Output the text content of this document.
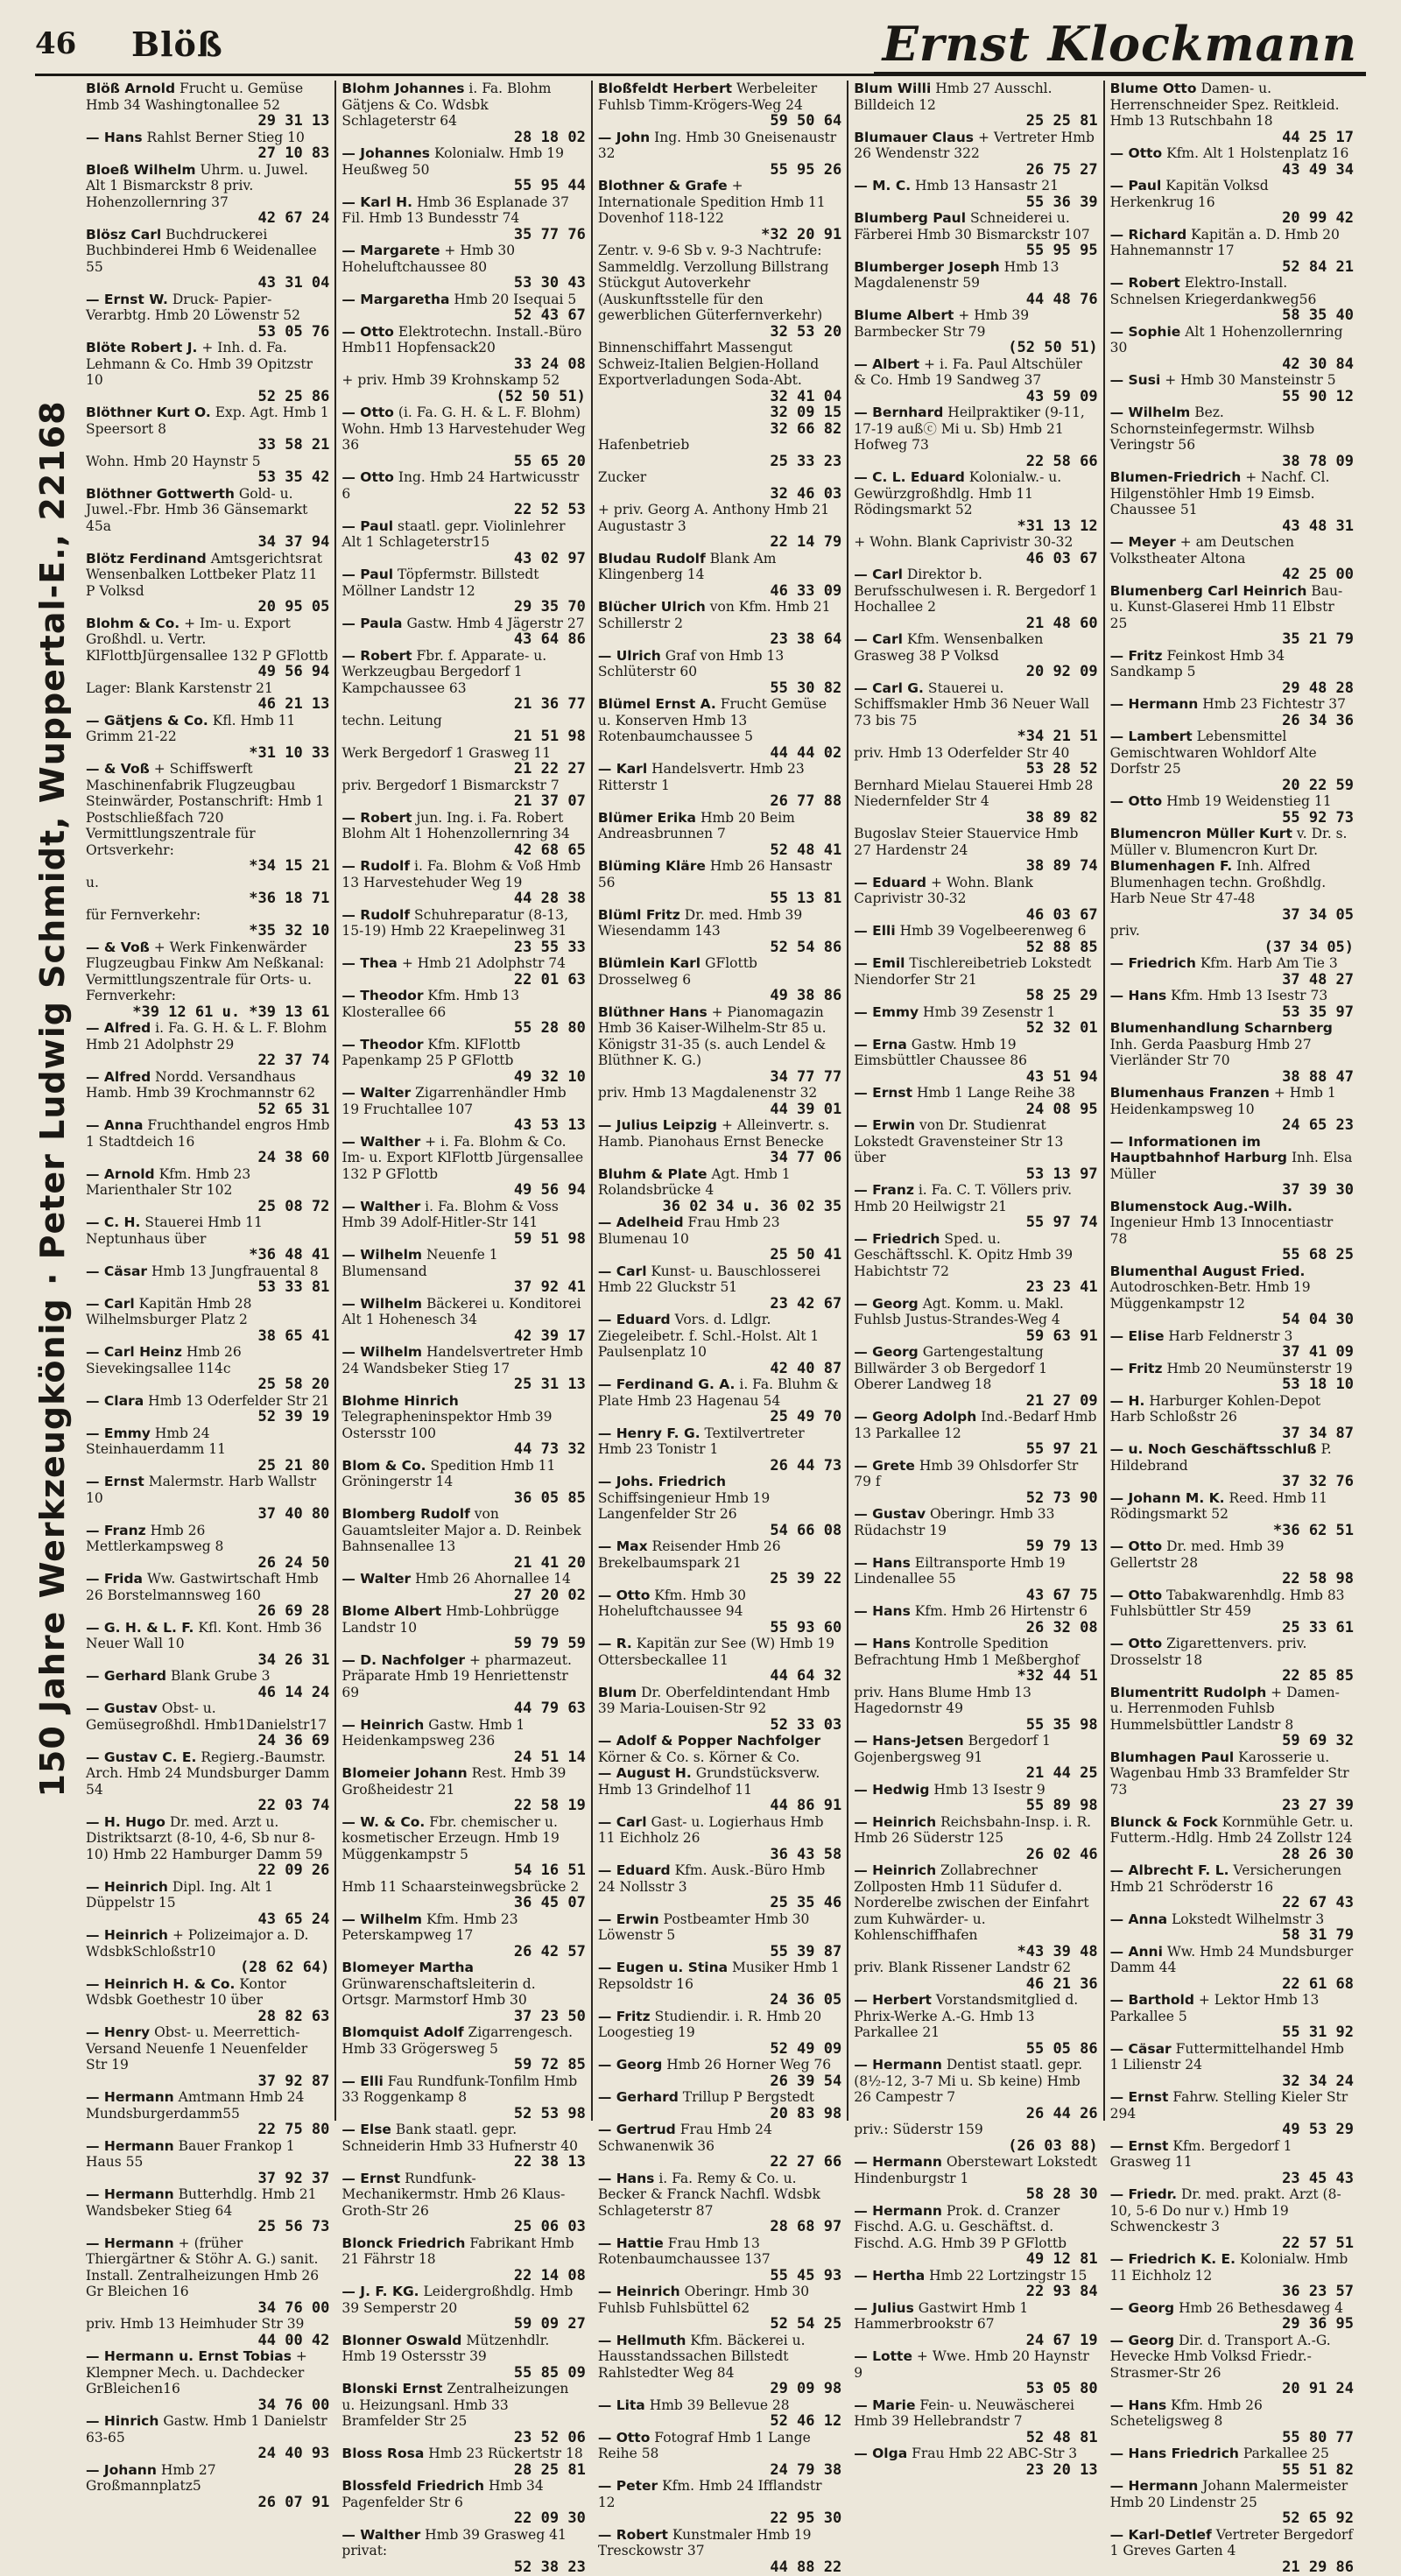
46 Blöß	Ernst Klockmann
150 Jahre Werkzeugkönig · Peter Ludwig Schmidt, Wuppertal-E., 22168

Blöß Arnold Frucht u. Gemüse Hmb 34 Washingtonallee 52
29 31 13

— Hans Rahlst Berner Stieg 10
27 10 83

Bloeß Wilhelm Uhrm. u. Juwel. Alt 1 Bismarckstr 8 priv. Hohenzollernring 37
42 67 24

Blösz Carl Buchdruckerei Buchbinderei Hmb 6 Weidenallee 55
43 31 04

— Ernst W. Druck- Papier-Verarbtg. Hmb 20 Löwenstr 52
53 05 76

Blöte Robert J. + Inh. d. Fa. Lehmann & Co. Hmb 39 Opitzstr 10
52 25 86

Blöthner Kurt O. Exp. Agt. Hmb 1 Speersort 8
33 58 21

Wohn. Hmb 20 Haynstr 5
53 35 42

Blöthner Gottwerth Gold- u. Juwel.-Fbr. Hmb 36 Gänsemarkt 45a
34 37 94

Blötz Ferdinand Amtsgerichtsrat Wensenbalken Lottbeker Platz 11 P Volksd
20 95 05

Blohm & Co. + Im- u. Export Großhdl. u. Vertr. KlFlottbJürgensallee 132 P GFlottb
49 56 94

Lager: Blank Karstenstr 21
46 21 13

— Gätjens & Co. Kfl. Hmb 11 Grimm 21-22
*31 10 33

— & Voß + Schiffswerft Maschinenfabrik Flugzeugbau Steinwärder, Postanschrift: Hmb 1 Postschließfach 720 Vermittlungszentrale für Ortsverkehr:
*34 15 21

u.
*36 18 71

für Fernverkehr:
*35 32 10

— & Voß + Werk Finkenwärder Flugzeugbau Finkw Am Neßkanal: Vermittlungszentrale für Orts- u. Fernverkehr:
*39 12 61 u. *39 13 61

— Alfred i. Fa. G. H. & L. F. Blohm Hmb 21 Adolphstr 29
22 37 74

— Alfred Nordd. Versandhaus Hamb. Hmb 39 Krochmannstr 62
52 65 31

— Anna Fruchthandel engros Hmb 1 Stadtdeich 16
24 38 60

— Arnold Kfm. Hmb 23 Marienthaler Str 102
25 08 72

— C. H. Stauerei Hmb 11 Neptunhaus über
*36 48 41

— Cäsar Hmb 13 Jungfrauental 8
53 33 81

— Carl Kapitän Hmb 28 Wilhelmsburger Platz 2
38 65 41

— Carl Heinz Hmb 26 Sievekingsallee 114c
25 58 20

— Clara Hmb 13 Oderfelder Str 21
52 39 19

— Emmy Hmb 24 Steinhauerdamm 11
25 21 80

— Ernst Malermstr. Harb Wallstr 10
37 40 80

— Franz Hmb 26 Mettlerkampsweg 8
26 24 50

— Frida Ww. Gastwirtschaft Hmb 26 Borstelmannsweg 160
26 69 28

— G. H. & L. F. Kfl. Kont. Hmb 36 Neuer Wall 10
34 26 31

— Gerhard Blank Grube 3
46 14 24

— Gustav Obst- u. Gemüsegroßhdl. Hmb1Danielstr17
24 36 69

— Gustav C. E. Regierg.-Baumstr. Arch. Hmb 24 Mundsburger Damm 54
22 03 74

— H. Hugo Dr. med. Arzt u. Distriktsarzt (8-10, 4-6, Sb nur 8-10) Hmb 22 Hamburger Damm 59
22 09 26

— Heinrich Dipl. Ing. Alt 1 Düppelstr 15
43 65 24

— Heinrich + Polizeimajor a. D. WdsbkSchloßstr10
(28 62 64)

— Heinrich H. & Co. Kontor Wdsbk Goethestr 10 über
28 82 63

— Henry Obst- u. Meerrettich-Versand Neuenfe 1 Neuenfelder Str 19
37 92 87

— Hermann Amtmann Hmb 24 Mundsburgerdamm55
22 75 80

— Hermann Bauer Frankop 1 Haus 55
37 92 37

— Hermann Butterhdlg. Hmb 21 Wandsbeker Stieg 64
25 56 73

— Hermann + (früher Thiergärtner & Stöhr A. G.) sanit. Install. Zentralheizungen Hmb 26 Gr Bleichen 16
34 76 00

priv. Hmb 13 Heimhuder Str 39
44 00 42

— Hermann u. Ernst Tobias + Klempner Mech. u. Dachdecker GrBleichen16
34 76 00

— Hinrich Gastw. Hmb 1 Danielstr 63-65
24 40 93

— Johann Hmb 27 Großmannplatz5
26 07 91

Blohm Johannes i. Fa. Blohm Gätjens & Co. Wdsbk Schlageterstr 64
28 18 02

— Johannes Kolonialw. Hmb 19 Heußweg 50
55 95 44

— Karl H. Hmb 36 Esplanade 37 Fil. Hmb 13 Bundesstr 74
35 77 76

— Margarete + Hmb 30 Hoheluftchaussee 80
53 30 43

— Margaretha Hmb 20 Isequai 5
52 43 67

— Otto Elektrotechn. Install.-Büro Hmb11 Hopfensack20
33 24 08

+ priv. Hmb 39 Krohnskamp 52
(52 50 51)

— Otto (i. Fa. G. H. & L. F. Blohm) Wohn. Hmb 13 Harvestehuder Weg 36
55 65 20

— Otto Ing. Hmb 24 Hartwicusstr 6
22 52 53

— Paul staatl. gepr. Violinlehrer Alt 1 Schlageterstr15
43 02 97

— Paul Töpfermstr. Billstedt Möllner Landstr 12
29 35 70

— Paula Gastw. Hmb 4 Jägerstr 27
43 64 86

— Robert Fbr. f. Apparate- u. Werkzeugbau Bergedorf 1 Kampchaussee 63
21 36 77

techn. Leitung
21 51 98

Werk Bergedorf 1 Grasweg 11
21 22 27

priv. Bergedorf 1 Bismarckstr 7
21 37 07

— Robert jun. Ing. i. Fa. Robert Blohm Alt 1 Hohenzollernring 34
42 68 65

— Rudolf i. Fa. Blohm & Voß Hmb 13 Harvestehuder Weg 19
44 28 38

— Rudolf Schuhreparatur (8-13, 15-19) Hmb 22 Kraepelinweg 31
23 55 33

— Thea + Hmb 21 Adolphstr 74
22 01 63

— Theodor Kfm. Hmb 13 Klosterallee 66
55 28 80

— Theodor Kfm. KlFlottb Papenkamp 25 P GFlottb
49 32 10

— Walter Zigarrenhändler Hmb 19 Fruchtallee 107
43 53 13

— Walther + i. Fa. Blohm & Co. Im- u. Export KlFlottb Jürgensallee 132 P GFlottb
49 56 94

— Walther i. Fa. Blohm & Voss Hmb 39 Adolf-Hitler-Str 141
59 51 98

— Wilhelm Neuenfe 1 Blumensand
37 92 41

— Wilhelm Bäckerei u. Konditorei Alt 1 Hohenesch 34
42 39 17

— Wilhelm Handelsvertreter Hmb 24 Wandsbeker Stieg 17
25 31 13

Blohme Hinrich Telegrapheninspektor Hmb 39 Ostersstr 100
44 73 32

Blom & Co. Spedition Hmb 11 Gröningerstr 14
36 05 85

Blomberg Rudolf von Gauamtsleiter Major a. D. Reinbek Bahnsenallee 13
21 41 20

— Walter Hmb 26 Ahornallee 14
27 20 02

Blome Albert Hmb-Lohbrügge Landstr 10
59 79 59

— D. Nachfolger + pharmazeut. Präparate Hmb 19 Henriettenstr 69
44 79 63

— Heinrich Gastw. Hmb 1 Heidenkampsweg 236
24 51 14

Blomeier Johann Rest. Hmb 39 Großheidestr 21
22 58 19

— W. & Co. Fbr. chemischer u. kosmetischer Erzeugn. Hmb 19 Müggenkampstr 5
54 16 51

Hmb 11 Schaarsteinwegsbrücke 2
36 45 07

— Wilhelm Kfm. Hmb 23 Peterskampweg 17
26 42 57

Blomeyer Martha Grünwarenschaftsleiterin d. Ortsgr. Marmstorf Hmb 30
37 23 50

Blomquist Adolf Zigarrengesch. Hmb 33 Grögersweg 5
59 72 85

— Elli Fau Rundfunk-Tonfilm Hmb 33 Roggenkamp 8
52 53 98

— Else Bank staatl. gepr. Schneiderin Hmb 33 Hufnerstr 40
22 38 13

— Ernst Rundfunk-Mechanikermstr. Hmb 26 Klaus-Groth-Str 26
25 06 03

Blonck Friedrich Fabrikant Hmb 21 Fährstr 18
22 14 08

— J. F. KG. Leidergroßhdlg. Hmb 39 Semperstr 20
59 09 27

Blonner Oswald Mützenhdlr. Hmb 19 Ostersstr 39
55 85 09

Blonski Ernst Zentralheizungen u. Heizungsanl. Hmb 33 Bramfelder Str 25
23 52 06

Bloss Rosa Hmb 23 Rückertstr 18
28 25 81

Blossfeld Friedrich Hmb 34 Pagenfelder Str 6
22 09 30

— Walther Hmb 39 Grasweg 41 privat:
52 38 23

Bloßfeldt Herbert Werbeleiter Fuhlsb Timm-Krögers-Weg 24
59 50 64

— John Ing. Hmb 30 Gneisenaustr 32
55 95 26

Blothner & Grafe + Internationale Spedition Hmb 11 Dovenhof 118-122
*32 20 91

Zentr. v. 9-6 Sb v. 9-3 Nachtrufe: Sammeldlg. Verzollung Billstrang Stückgut Autoverkehr (Auskunftsstelle für den gewerblichen Güterfernverkehr)
32 53 20

Binnenschiffahrt Massengut Schweiz-Italien Belgien-Holland Exportverladungen Soda-Abt.
32 41 04

32 09 15

32 66 82

Hafenbetrieb
25 33 23

Zucker
32 46 03

+ priv. Georg A. Anthony Hmb 21 Augustastr 3
22 14 79

Bludau Rudolf Blank Am Klingenberg 14
46 33 09

Blücher Ulrich von Kfm. Hmb 21 Schillerstr 2
23 38 64

— Ulrich Graf von Hmb 13 Schlüterstr 60
55 30 82

Blümel Ernst A. Frucht Gemüse u. Konserven Hmb 13 Rotenbaumchaussee 5
44 44 02

— Karl Handelsvertr. Hmb 23 Ritterstr 1
26 77 88

Blümer Erika Hmb 20 Beim Andreasbrunnen 7
52 48 41

Blüming Kläre Hmb 26 Hansastr 56
55 13 81

Blüml Fritz Dr. med. Hmb 39 Wiesendamm 143
52 54 86

Blümlein Karl GFlottb Drosselweg 6
49 38 86

Blüthner Hans + Pianomagazin Hmb 36 Kaiser-Wilhelm-Str 85 u. Königstr 31-35 (s. auch Lendel & Blüthner K. G.)
34 77 77

priv. Hmb 13 Magdalenenstr 32
44 39 01

— Julius Leipzig + Alleinvertr. s. Hamb. Pianohaus Ernst Benecke
34 77 06

Bluhm & Plate Agt. Hmb 1 Rolandsbrücke 4
36 02 34 u. 36 02 35

— Adelheid Frau Hmb 23 Blumenau 10
25 50 41

— Carl Kunst- u. Bauschlosserei Hmb 22 Gluckstr 51
23 42 67

— Eduard Vors. d. Ldlgr. Ziegeleibetr. f. Schl.-Holst. Alt 1 Paulsenplatz 10
42 40 87

— Ferdinand G. A. i. Fa. Bluhm & Plate Hmb 23 Hagenau 54
25 49 70

— Henry F. G. Textilvertreter Hmb 23 Tonistr 1
26 44 73

— Johs. Friedrich Schiffsingenieur Hmb 19 Langenfelder Str 26
54 66 08

— Max Reisender Hmb 26 Brekelbaumspark 21
25 39 22

— Otto Kfm. Hmb 30 Hoheluftchaussee 94
55 93 60

— R. Kapitän zur See (W) Hmb 19 Ottersbeckallee 11
44 64 32

Blum Dr. Oberfeldintendant Hmb 39 Maria-Louisen-Str 92
52 33 03

— Adolf & Popper Nachfolger Körner & Co. s. Körner & Co.

— August H. Grundstücksverw. Hmb 13 Grindelhof 11
44 86 91

— Carl Gast- u. Logierhaus Hmb 11 Eichholz 26
36 43 58

— Eduard Kfm. Ausk.-Büro Hmb 24 Nollsstr 3
25 35 46

— Erwin Postbeamter Hmb 30 Löwenstr 5
55 39 87

— Eugen u. Stina Musiker Hmb 1 Repsoldstr 16
24 36 05

— Fritz Studiendir. i. R. Hmb 20 Loogestieg 19
52 49 09

— Georg Hmb 26 Horner Weg 76
26 39 54

— Gerhard Trillup P Bergstedt
20 83 98

— Gertrud Frau Hmb 24 Schwanenwik 36
22 27 66

— Hans i. Fa. Remy & Co. u. Becker & Franck Nachfl. Wdsbk Schlageterstr 87
28 68 97

— Hattie Frau Hmb 13 Rotenbaumchaussee 137
55 45 93

— Heinrich Oberingr. Hmb 30 Fuhlsb Fuhlsbüttel 62
52 54 25

— Hellmuth Kfm. Bäckerei u. Hausstandssachen Billstedt Rahlstedter Weg 84
29 09 98

— Lita Hmb 39 Bellevue 28
52 46 12

— Otto Fotograf Hmb 1 Lange Reihe 58
24 79 38

— Peter Kfm. Hmb 24 Ifflandstr 12
22 95 30

— Robert Kunstmaler Hmb 19 Tresckowstr 37
44 88 22

Blum Willi Hmb 27 Ausschl. Billdeich 12
25 25 81

Blumauer Claus + Vertreter Hmb 26 Wendenstr 322
26 75 27

— M. C. Hmb 13 Hansastr 21
55 36 39

Blumberg Paul Schneiderei u. Färberei Hmb 30 Bismarckstr 107
55 95 95

Blumberger Joseph Hmb 13 Magdalenenstr 59
44 48 76

Blume Albert + Hmb 39 Barmbecker Str 79
(52 50 51)

— Albert + i. Fa. Paul Altschüler & Co. Hmb 19 Sandweg 37
43 59 09

— Bernhard Heilpraktiker (9-11, 17-19 außⓒ Mi u. Sb) Hmb 21 Hofweg 73
22 58 66

— C. L. Eduard Kolonialw.- u. Gewürzgroßhdlg. Hmb 11 Rödingsmarkt 52
*31 13 12

+ Wohn. Blank Caprivistr 30-32
46 03 67

— Carl Direktor b. Berufsschulwesen i. R. Bergedorf 1 Hochallee 2
21 48 60

— Carl Kfm. Wensenbalken Grasweg 38 P Volksd
20 92 09

— Carl G. Stauerei u. Schiffsmakler Hmb 36 Neuer Wall 73 bis 75
*34 21 51

priv. Hmb 13 Oderfelder Str 40
53 28 52

Bernhard Mielau Stauerei Hmb 28 Niedernfelder Str 4
38 89 82

Bugoslav Steier Stauervice Hmb 27 Hardenstr 24
38 89 74

— Eduard + Wohn. Blank Caprivistr 30-32
46 03 67

— Elli Hmb 39 Vogelbeerenweg 6
52 88 85

— Emil Tischlereibetrieb Lokstedt Niendorfer Str 21
58 25 29

— Emmy Hmb 39 Zesenstr 1
52 32 01

— Erna Gastw. Hmb 19 Eimsbüttler Chaussee 86
43 51 94

— Ernst Hmb 1 Lange Reihe 38
24 08 95

— Erwin von Dr. Studienrat Lokstedt Gravensteiner Str 13 über
53 13 97

— Franz i. Fa. C. T. Völlers priv. Hmb 20 Heilwigstr 21
55 97 74

— Friedrich Sped. u. Geschäftsschl. K. Opitz Hmb 39 Habichtstr 72
23 23 41

— Georg Agt. Komm. u. Makl. Fuhlsb Justus-Strandes-Weg 4
59 63 91

— Georg Gartengestaltung Billwärder 3 ob Bergedorf 1 Oberer Landweg 18
21 27 09

— Georg Adolph Ind.-Bedarf Hmb 13 Parkallee 12
55 97 21

— Grete Hmb 39 Ohlsdorfer Str 79 f
52 73 90

— Gustav Oberingr. Hmb 33 Rüdachstr 19
59 79 13

— Hans Eiltransporte Hmb 19 Lindenallee 55
43 67 75

— Hans Kfm. Hmb 26 Hirtenstr 6
26 32 08

— Hans Kontrolle Spedition Befrachtung Hmb 1 Meßberghof
*32 44 51

priv. Hans Blume Hmb 13 Hagedornstr 49
55 35 98

— Hans-Jetsen Bergedorf 1 Gojenbergsweg 91
21 44 25

— Hedwig Hmb 13 Isestr 9
55 89 98

— Heinrich Reichsbahn-Insp. i. R. Hmb 26 Süderstr 125
26 02 46

— Heinrich Zollabrechner Zollposten Hmb 11 Südufer d. Norderelbe zwischen der Einfahrt zum Kuhwärder- u. Kohlenschiffhafen
*43 39 48

priv. Blank Rissener Landstr 62
46 21 36

— Herbert Vorstandsmitglied d. Phrix-Werke A.-G. Hmb 13 Parkallee 21
55 05 86

— Hermann Dentist staatl. gepr. (8½-12, 3-7 Mi u. Sb keine) Hmb 26 Campestr 7
26 44 26

priv.: Süderstr 159
(26 03 88)

— Hermann Oberstewart Lokstedt Hindenburgstr 1
58 28 30

— Hermann Prok. d. Cranzer Fischd. A.G. u. Geschäftst. d. Fischd. A.G. Hmb 39 P GFlottb
49 12 81

— Hertha Hmb 22 Lortzingstr 15
22 93 84

— Julius Gastwirt Hmb 1 Hammerbrookstr 67
24 67 19

— Lotte + Wwe. Hmb 20 Haynstr 9
53 05 80

— Marie Fein- u. Neuwäscherei Hmb 39 Hellebrandstr 7
52 48 81

— Olga Frau Hmb 22 ABC-Str 3
23 20 13

Blume Otto Damen- u. Herrenschneider Spez. Reitkleid. Hmb 13 Rutschbahn 18
44 25 17

— Otto Kfm. Alt 1 Holstenplatz 16
43 49 34

— Paul Kapitän Volksd Herkenkrug 16
20 99 42

— Richard Kapitän a. D. Hmb 20 Hahnemannstr 17
52 84 21

— Robert Elektro-Install. Schnelsen Kriegerdankweg56
58 35 40

— Sophie Alt 1 Hohenzollernring 30
42 30 84

— Susi + Hmb 30 Mansteinstr 5
55 90 12

— Wilhelm Bez. Schornsteinfegermstr. Wilhsb Veringstr 56
38 78 09

Blumen-Friedrich + Nachf. Cl. Hilgenstöhler Hmb 19 Eimsb. Chaussee 51
43 48 31

— Meyer + am Deutschen Volkstheater Altona
42 25 00

Blumenberg Carl Heinrich Bau- u. Kunst-Glaserei Hmb 11 Elbstr 25
35 21 79

— Fritz Feinkost Hmb 34 Sandkamp 5
29 48 28

— Hermann Hmb 23 Fichtestr 37
26 34 36

— Lambert Lebensmittel Gemischtwaren Wohldorf Alte Dorfstr 25
20 22 59

— Otto Hmb 19 Weidenstieg 11
55 92 73

Blumencron Müller Kurt v. Dr. s. Müller v. Blumencron Kurt Dr.

Blumenhagen F. Inh. Alfred Blumenhagen techn. Großhdlg. Harb Neue Str 47-48
37 34 05

priv.
(37 34 05)

— Friedrich Kfm. Harb Am Tie 3
37 48 27

— Hans Kfm. Hmb 13 Isestr 73
53 35 97

Blumenhandlung Scharnberg Inh. Gerda Paasburg Hmb 27 Vierländer Str 70
38 88 47

Blumenhaus Franzen + Hmb 1 Heidenkampsweg 10
24 65 23

— Informationen im Hauptbahnhof Harburg Inh. Elsa Müller
37 39 30

Blumenstock Aug.-Wilh. Ingenieur Hmb 13 Innocentiastr 78
55 68 25

Blumenthal August Fried. Autodroschken-Betr. Hmb 19 Müggenkampstr 12
54 04 30

— Elise Harb Feldnerstr 3
37 41 09

— Fritz Hmb 20 Neumünsterstr 19
53 18 10

— H. Harburger Kohlen-Depot Harb Schloßstr 26
37 34 87

— u. Noch Geschäftsschluß P. Hildebrand
37 32 76

— Johann M. K. Reed. Hmb 11 Rödingsmarkt 52
*36 62 51

— Otto Dr. med. Hmb 39 Gellertstr 28
22 58 98

— Otto Tabakwarenhdlg. Hmb 83 Fuhlsbüttler Str 459
25 33 61

— Otto Zigarettenvers. priv. Drosselstr 18
22 85 85

Blumentritt Rudolph + Damen- u. Herrenmoden Fuhlsb Hummelsbüttler Landstr 8
59 69 32

Blumhagen Paul Karosserie u. Wagenbau Hmb 33 Bramfelder Str 73
23 27 39

Blunck & Fock Kornmühle Getr. u. Futterm.-Hdlg. Hmb 24 Zollstr 124
28 26 30

— Albrecht F. L. Versicherungen Hmb 21 Schröderstr 16
22 67 43

— Anna Lokstedt Wilhelmstr 3
58 31 79

— Anni Ww. Hmb 24 Mundsburger Damm 44
22 61 68

— Barthold + Lektor Hmb 13 Parkallee 5
55 31 92

— Cäsar Futtermittelhandel Hmb 1 Lilienstr 24
32 34 24

— Ernst Fahrw. Stelling Kieler Str 294
49 53 29

— Ernst Kfm. Bergedorf 1 Grasweg 11
23 45 43

— Friedr. Dr. med. prakt. Arzt (8-10, 5-6 Do nur v.) Hmb 19 Schwenckestr 3
22 57 51

— Friedrich K. E. Kolonialw. Hmb 11 Eichholz 12
36 23 57

— Georg Hmb 26 Bethesdaweg 4
29 36 95

— Georg Dir. d. Transport A.-G. Hevecke Hmb Volksd Friedr.-Strasmer-Str 26
20 91 24

— Hans Kfm. Hmb 26 Scheteligsweg 8
55 80 77

— Hans Friedrich Parkallee 25
55 51 82

— Hermann Johann Malermeister Hmb 20 Lindenstr 25
52 65 92

— Karl-Detlef Vertreter Bergedorf 1 Greves Garten 4
21 29 86
